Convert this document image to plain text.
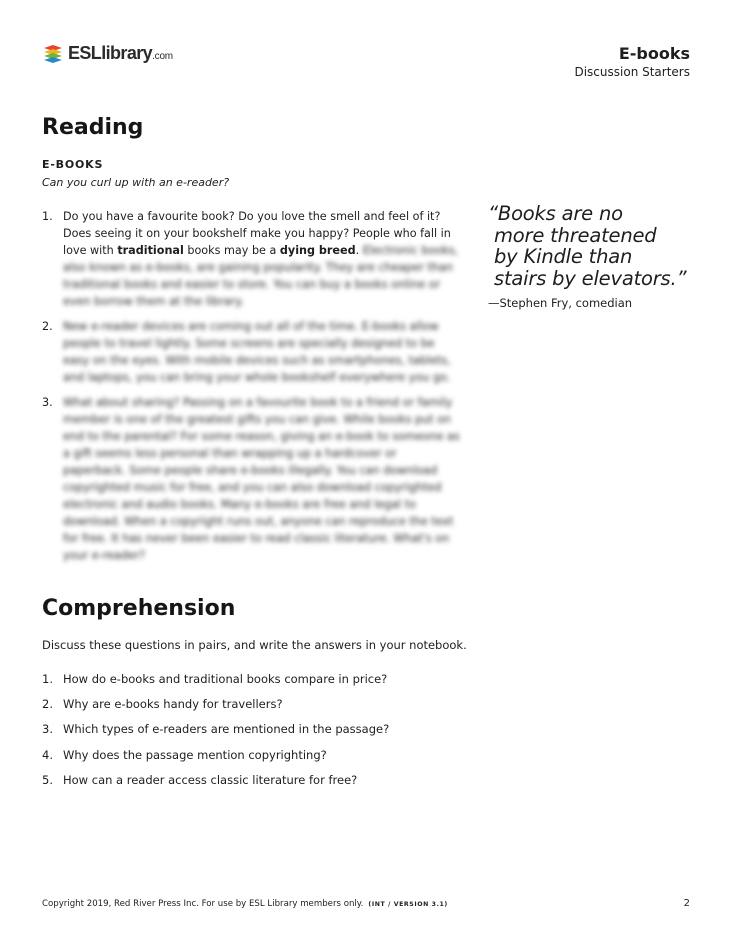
ESLlibrary.com	E-books
Discussion Starters
Reading
E-BOOKS
Can you curl up with an e-reader?
1. Do you have a favourite book? Do you love the smell and feel of it? Does seeing it on your bookshelf make you happy? People who fall in love with traditional books may be a dying breed. Electronic books, also known as e-books, are gaining popularity. They are cheaper than traditional books and easier to store. You can buy a books online or even borrow them at the library.
2. New e-reader devices are coming out all of the time. E-books allow people to travel lightly. Some screens are specially designed to be easy on the eyes. With mobile devices such as smartphones, tablets, and laptops, you can bring your whole bookshelf everywhere you go.
3. What about sharing? Passing on a favourite book to a friend or family member is one of the greatest gifts you can give. While books put on end to the parental? For some reason, giving an e-book to someone as a gift seems less personal than wrapping up a hardcover or paperback. Some people share e-books illegally. You can download copyrighted music for free, and you can also download copyrighted electronic and audio books. Many e-books are free and legal to download. When a copyright runs out, anyone can reproduce the text for free. It has never been easier to read classic literature. What's on your e-reader?
“Books are no
more threatened
by Kindle than
stairs by elevators.”
—Stephen Fry, comedian
Comprehension
Discuss these questions in pairs, and write the answers in your notebook.
1. How do e-books and traditional books compare in price?
2. Why are e-books handy for travellers?
3. Which types of e-readers are mentioned in the passage?
4. Why does the passage mention copyrighting?
5. How can a reader access classic literature for free?
Copyright 2019, Red River Press Inc. For use by ESL Library members only. (INT / VERSION 3.1)	2
